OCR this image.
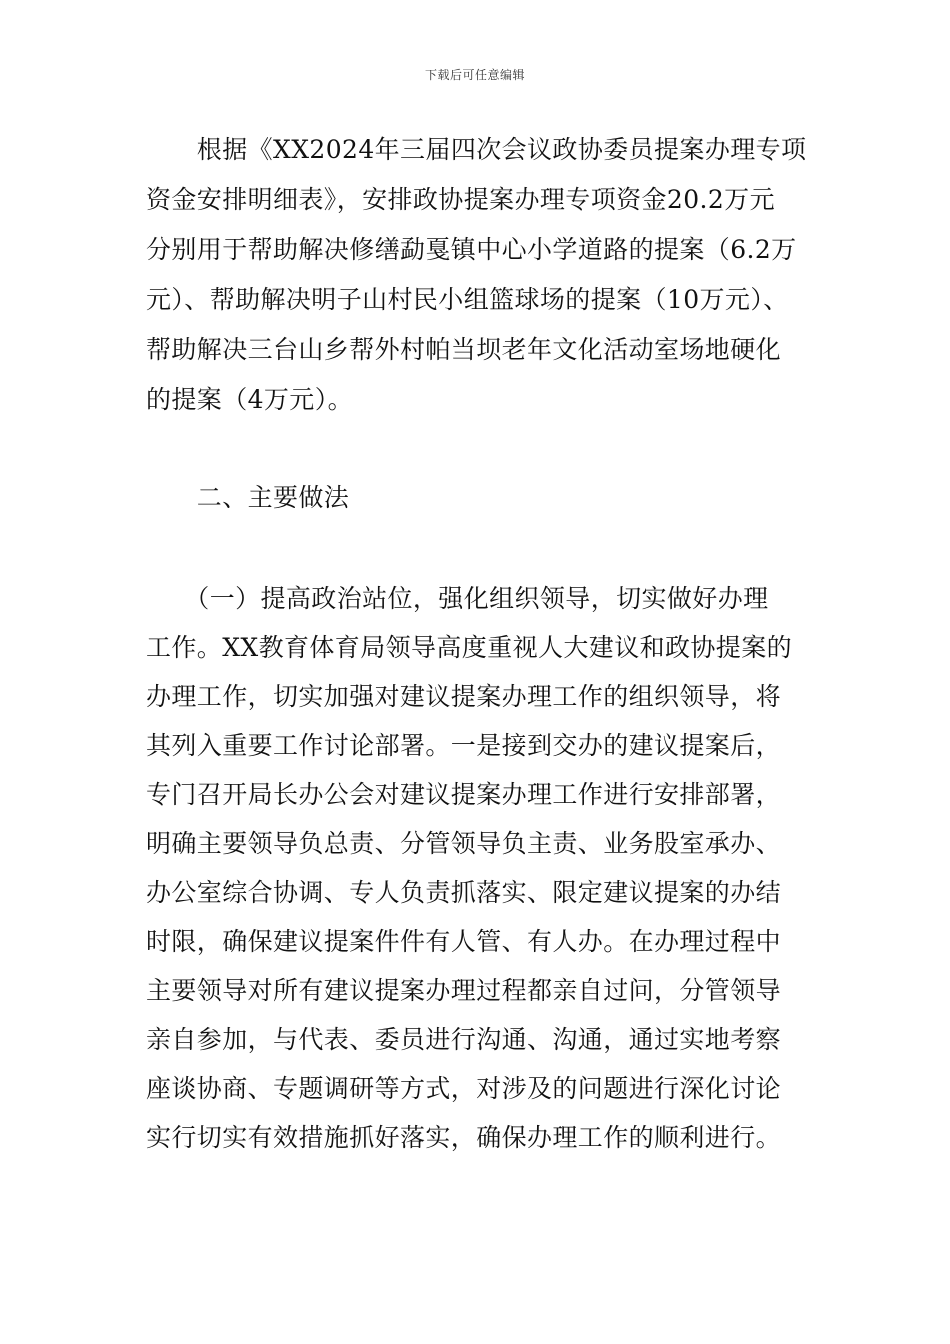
下载后可任意编辑
　　根据《XX2024年三届四次会议政协委员提案办理专项
资金安排明细表》，安排政协提案办理专项资金20.2万元
分别用于帮助解决修缮勐戛镇中心小学道路的提案（6.2万
元）、帮助解决明子山村民小组篮球场的提案（10万元）、
帮助解决三台山乡帮外村帕当坝老年文化活动室场地硬化
的提案（4万元）。
　　二、主要做法
　　（一）提高政治站位，强化组织领导，切实做好办理
工作。XX教育体育局领导高度重视人大建议和政协提案的
办理工作，切实加强对建议提案办理工作的组织领导，将
其列入重要工作讨论部署。一是接到交办的建议提案后，
专门召开局长办公会对建议提案办理工作进行安排部署，
明确主要领导负总责、分管领导负主责、业务股室承办、
办公室综合协调、专人负责抓落实、限定建议提案的办结
时限，确保建议提案件件有人管、有人办。在办理过程中
主要领导对所有建议提案办理过程都亲自过问，分管领导
亲自参加，与代表、委员进行沟通、沟通，通过实地考察
座谈协商、专题调研等方式，对涉及的问题进行深化讨论
实行切实有效措施抓好落实，确保办理工作的顺利进行。
